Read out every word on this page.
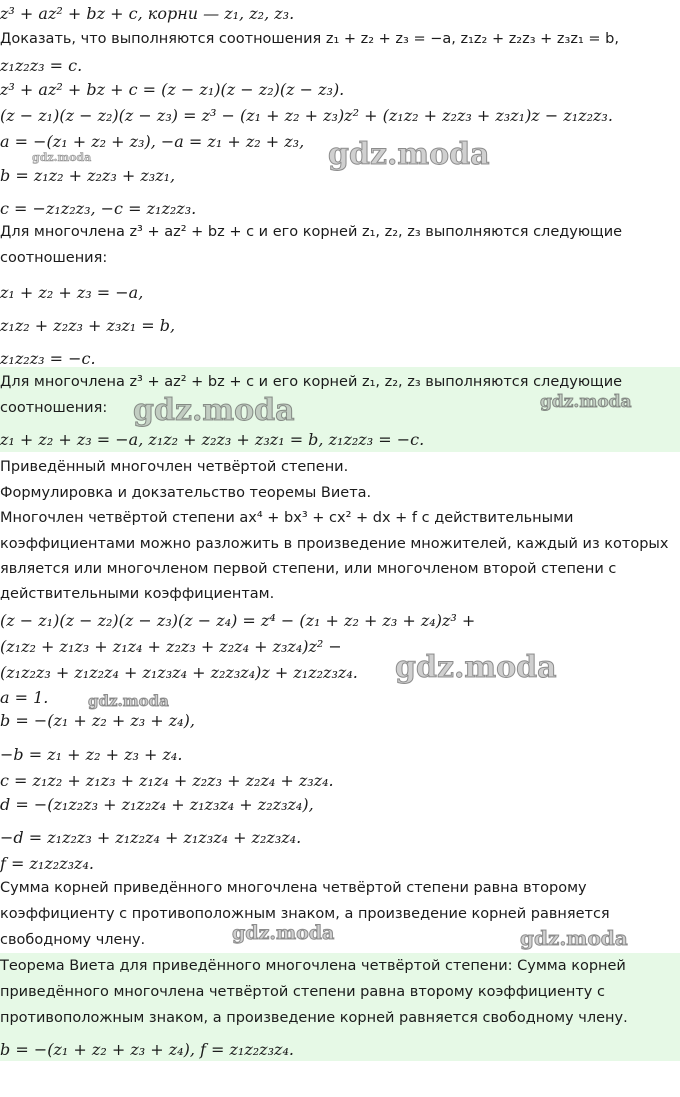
z³ + az² + bz + c, корни — z₁, z₂, z₃.
Доказать, что выполняются соотношения z₁ + z₂ + z₃ = −a, z₁z₂ + z₂z₃ + z₃z₁ = b,
z₁z₂z₃ = c.
z³ + az² + bz + c = (z − z₁)(z − z₂)(z − z₃).
(z − z₁)(z − z₂)(z − z₃) = z³ − (z₁ + z₂ + z₃)z² + (z₁z₂ + z₂z₃ + z₃z₁)z − z₁z₂z₃.
a = −(z₁ + z₂ + z₃), −a = z₁ + z₂ + z₃,
b = z₁z₂ + z₂z₃ + z₃z₁,
c = −z₁z₂z₃, −c = z₁z₂z₃.
Для многочлена z³ + az² + bz + c и его корней z₁, z₂, z₃ выполняются следующие
соотношения:
z₁ + z₂ + z₃ = −a,
z₁z₂ + z₂z₃ + z₃z₁ = b,
z₁z₂z₃ = −c.
Для многочлена z³ + az² + bz + c и его корней z₁, z₂, z₃ выполняются следующие
соотношения:
z₁ + z₂ + z₃ = −a, z₁z₂ + z₂z₃ + z₃z₁ = b, z₁z₂z₃ = −c.
Приведённый многочлен четвёртой степени.
Формулировка и докзательство теоремы Виета.
Многочлен четвёртой степени ax⁴ + bx³ + cx² + dx + f с действительными
коэффициентами можно разложить в произведение множителей, каждый из которых
является или многочленом первой степени, или многочленом второй степени с
действительными коэффициентам.
(z − z₁)(z − z₂)(z − z₃)(z − z₄) = z⁴ − (z₁ + z₂ + z₃ + z₄)z³ +
(z₁z₂ + z₁z₃ + z₁z₄ + z₂z₃ + z₂z₄ + z₃z₄)z² −
(z₁z₂z₃ + z₁z₂z₄ + z₁z₃z₄ + z₂z₃z₄)z + z₁z₂z₃z₄.
a = 1.
b = −(z₁ + z₂ + z₃ + z₄),
−b = z₁ + z₂ + z₃ + z₄.
c = z₁z₂ + z₁z₃ + z₁z₄ + z₂z₃ + z₂z₄ + z₃z₄.
d = −(z₁z₂z₃ + z₁z₂z₄ + z₁z₃z₄ + z₂z₃z₄),
−d = z₁z₂z₃ + z₁z₂z₄ + z₁z₃z₄ + z₂z₃z₄.
f = z₁z₂z₃z₄.
Сумма корней приведённого многочлена четвёртой степени равна второму
коэффициенту с противоположным знаком, а произведение корней равняется
свободному члену.
Теорема Виета для приведённого многочлена четвёртой степени: Сумма корней
приведённого многочлена четвёртой степени равна второму коэффициенту с
противоположным знаком, а произведение корней равняется свободному члену.
b = −(z₁ + z₂ + z₃ + z₄), f = z₁z₂z₃z₄.
gdz.moda
gdz.moda
gdz.moda	gdz.moda
gdz.moda
gdz.moda
gdz.moda	gdz.moda
